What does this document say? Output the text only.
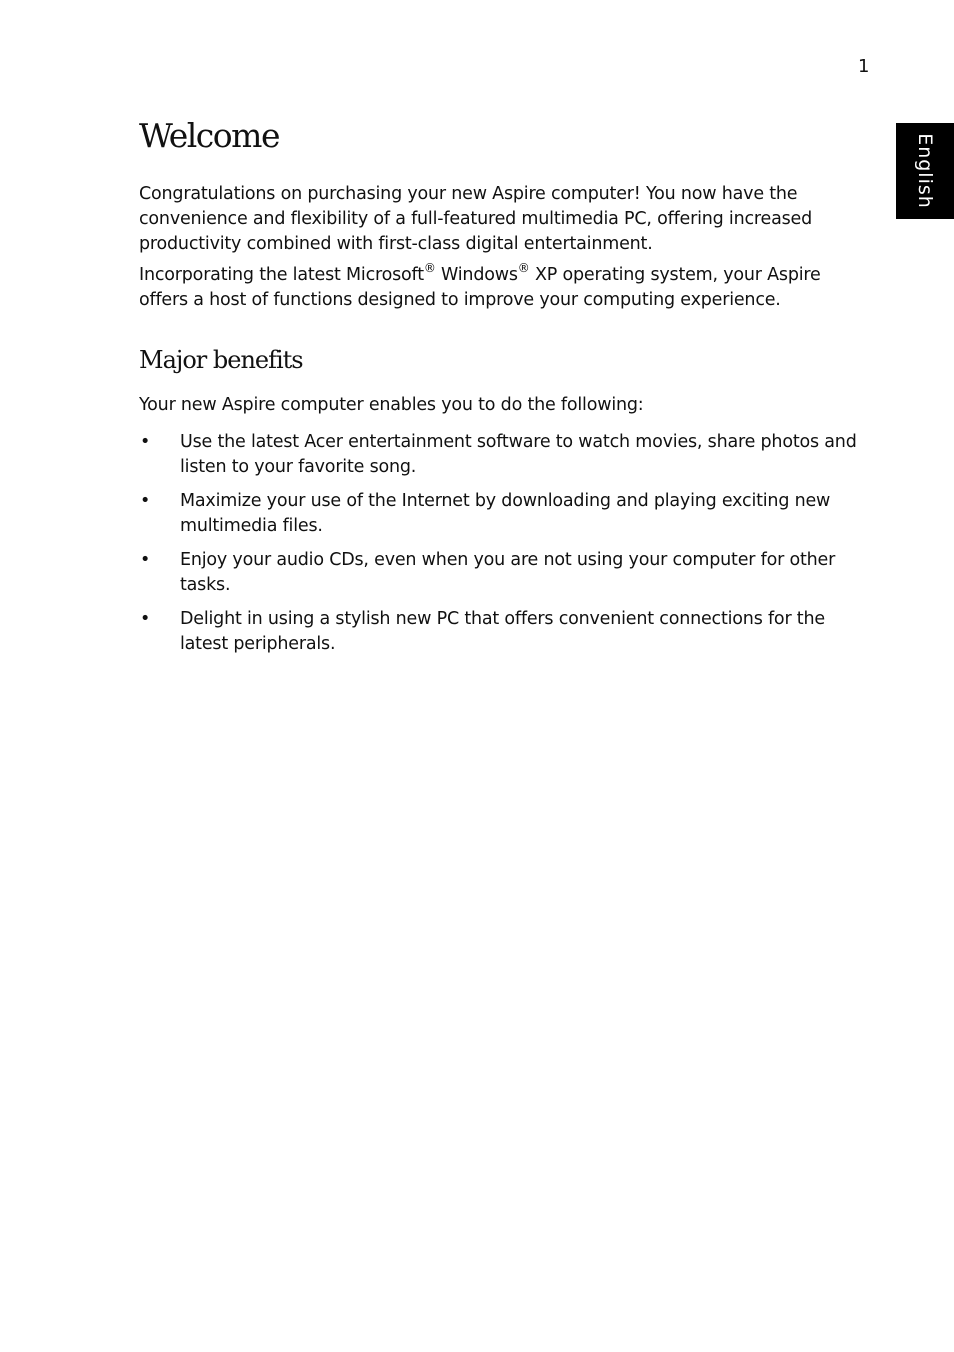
1
English
Welcome

Congratulations on purchasing your new Aspire computer! You now have the convenience and flexibility of a full-featured multimedia PC, offering increased productivity combined with first-class digital entertainment.

Incorporating the latest Microsoft® Windows® XP operating system, your Aspire offers a host of functions designed to improve your computing experience.

Major benefits

Your new Aspire computer enables you to do the following:

• Use the latest Acer entertainment software to watch movies, share photos and listen to your favorite song.
• Maximize your use of the Internet by downloading and playing exciting new multimedia files.
• Enjoy your audio CDs, even when you are not using your computer for other tasks.
• Delight in using a stylish new PC that offers convenient connections for the latest peripherals.
